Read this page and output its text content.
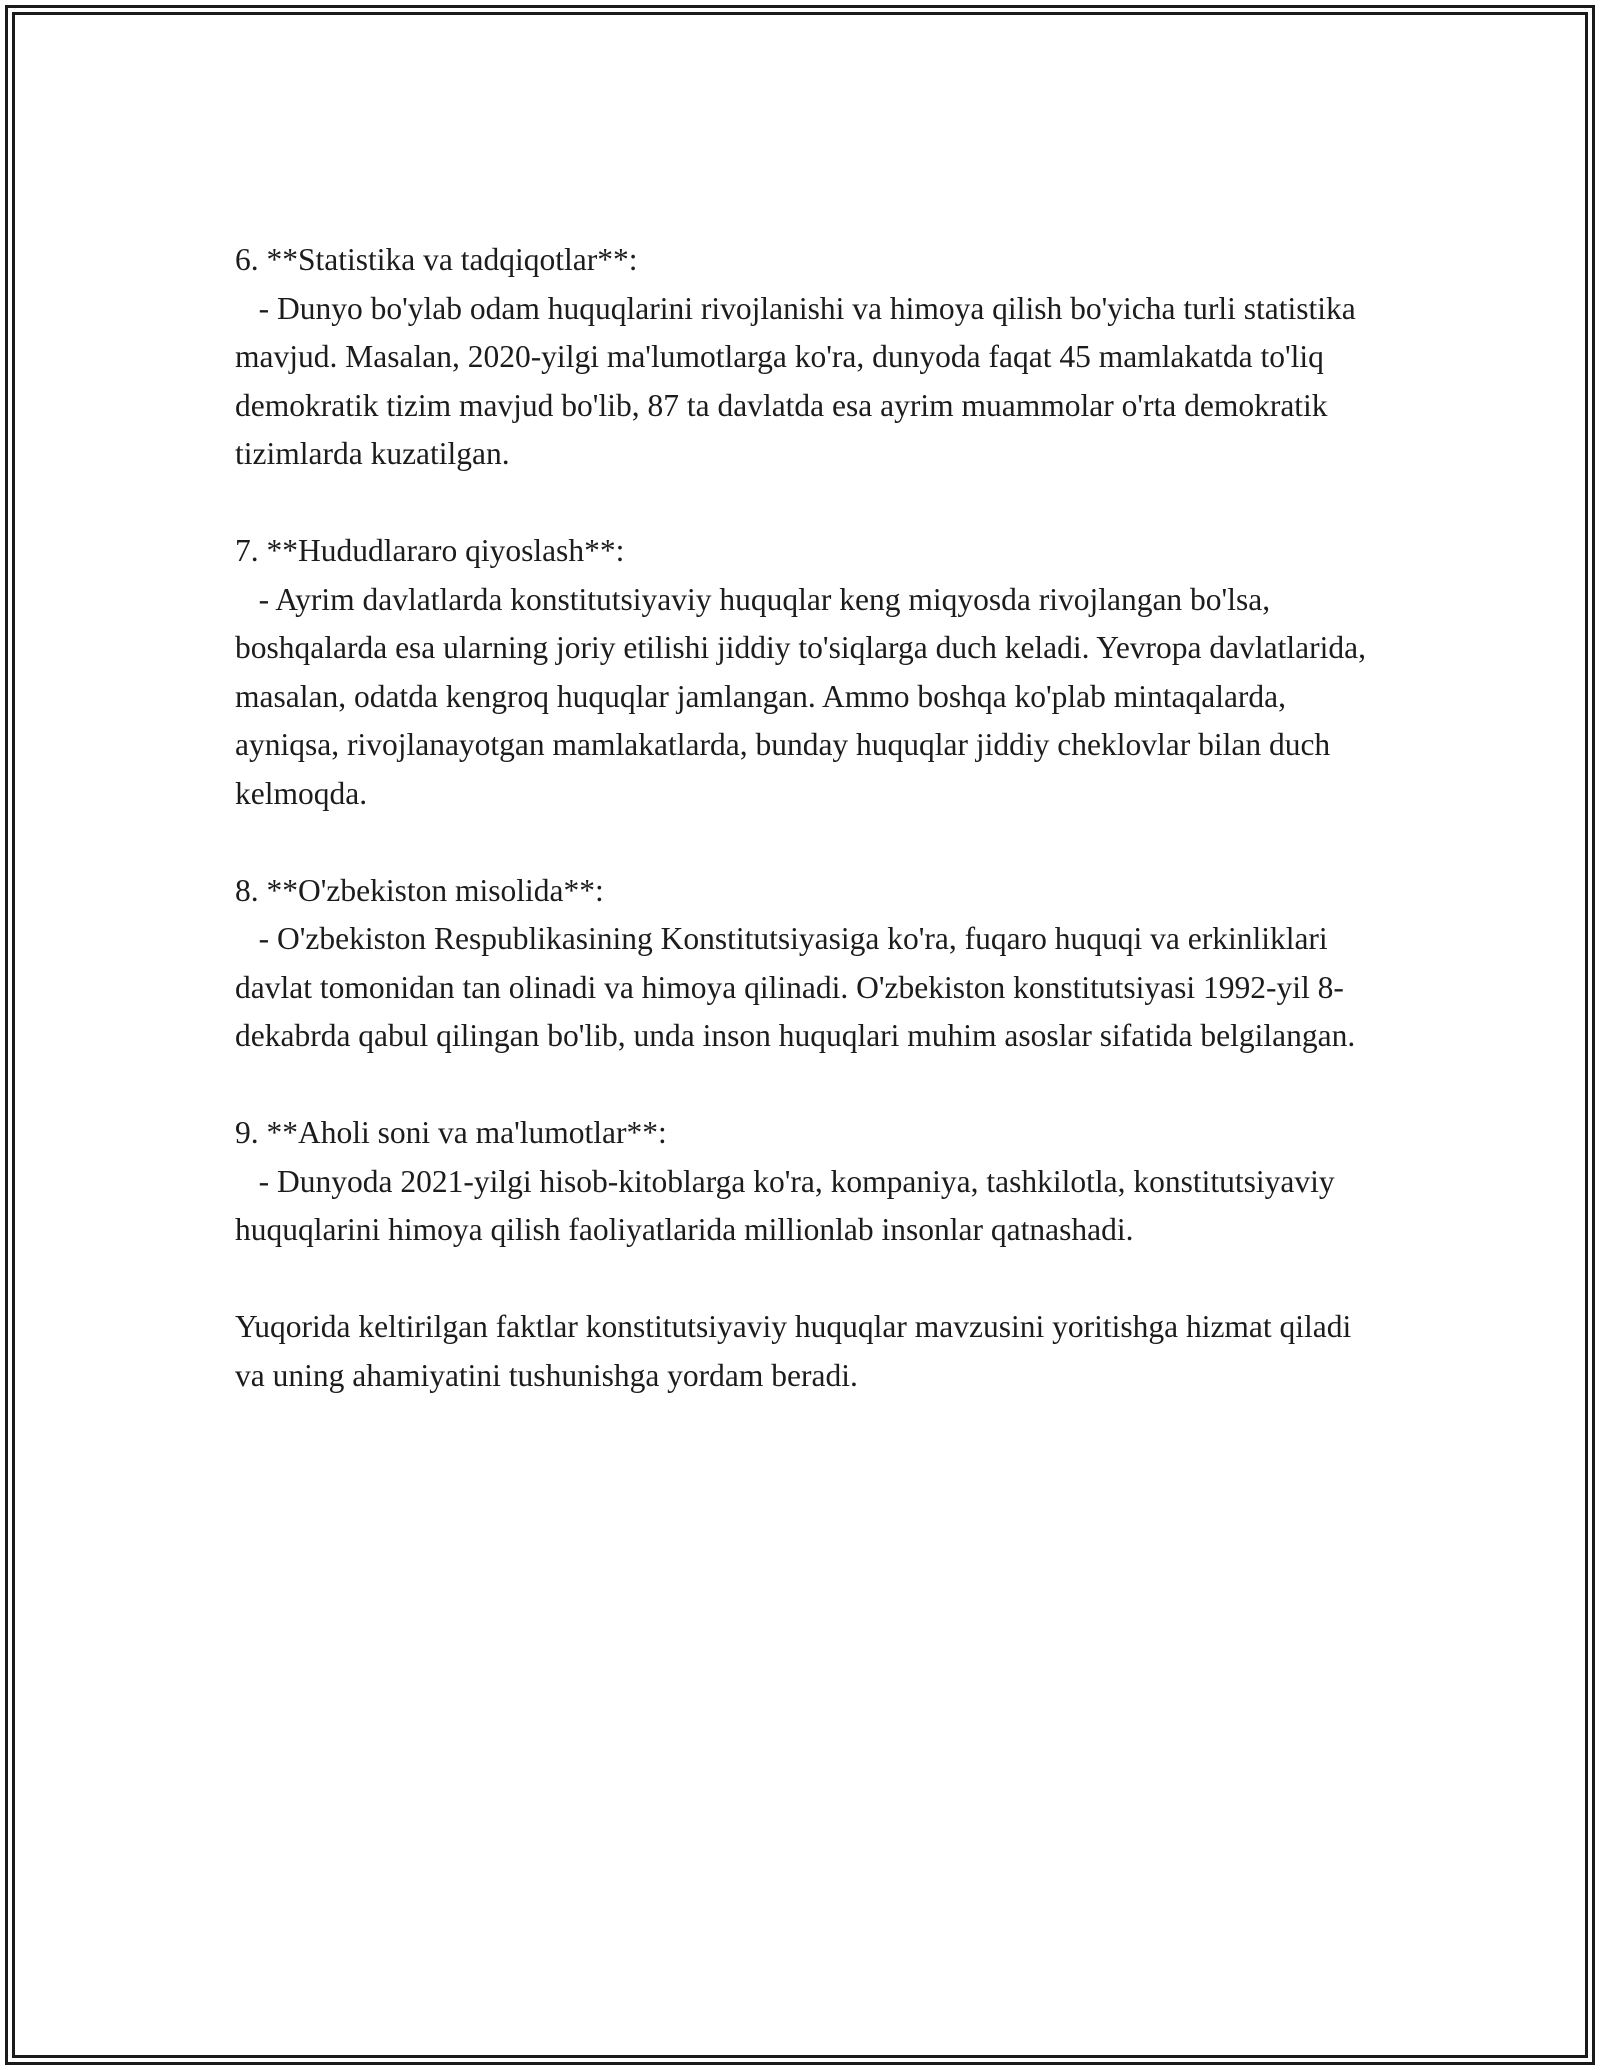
6. **Statistika va tadqiqotlar**:

- Dunyo bo'ylab odam huquqlarini rivojlanishi va himoya qilish bo'yicha turli statistika mavjud. Masalan, 2020-yilgi ma'lumotlarga ko'ra, dunyoda faqat 45 mamlakatda to'liq demokratik tizim mavjud bo'lib, 87 ta davlatda esa ayrim muammolar o'rta demokratik tizimlarda kuzatilgan.

7. **Hududlararo qiyoslash**:

- Ayrim davlatlarda konstitutsiyaviy huquqlar keng miqyosda rivojlangan bo'lsa, boshqalarda esa ularning joriy etilishi jiddiy to'siqlarga duch keladi. Yevropa davlatlarida, masalan, odatda kengroq huquqlar jamlangan. Ammo boshqa ko'plab mintaqalarda, ayniqsa, rivojlanayotgan mamlakatlarda, bunday huquqlar jiddiy cheklovlar bilan duch kelmoqda.

8. **O'zbekiston misolida**:

- O'zbekiston Respublikasining Konstitutsiyasiga ko'ra, fuqaro huquqi va erkinliklari davlat tomonidan tan olinadi va himoya qilinadi. O'zbekiston konstitutsiyasi 1992-yil 8-dekabrda qabul qilingan bo'lib, unda inson huquqlari muhim asoslar sifatida belgilangan.

9. **Aholi soni va ma'lumotlar**:

- Dunyoda 2021-yilgi hisob-kitoblarga ko'ra, kompaniya, tashkilotla, konstitutsiyaviy huquqlarini himoya qilish faoliyatlarida millionlab insonlar qatnashadi.

Yuqorida keltirilgan faktlar konstitutsiyaviy huquqlar mavzusini yoritishga hizmat qiladi va uning ahamiyatini tushunishga yordam beradi.
